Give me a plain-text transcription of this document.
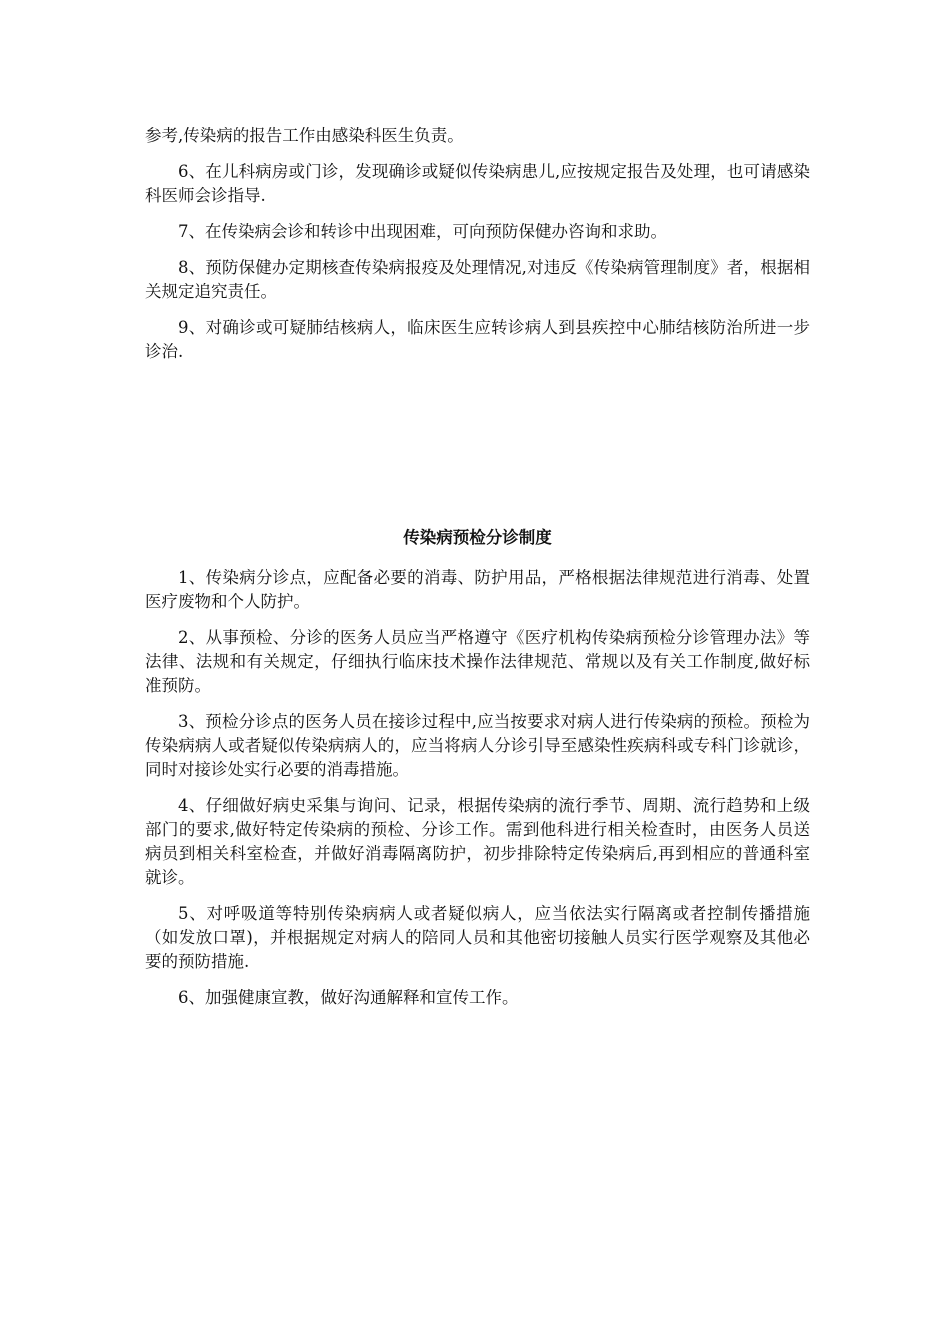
参考,传染病的报告工作由感染科医生负责。

6、在儿科病房或门诊，发现确诊或疑似传染病患儿,应按规定报告及处理，也可请感染科医师会诊指导.

7、在传染病会诊和转诊中出现困难，可向预防保健办咨询和求助。

8、预防保健办定期核查传染病报疫及处理情况,对违反《传染病管理制度》者，根据相关规定追究责任。

9、对确诊或可疑肺结核病人，临床医生应转诊病人到县疾控中心肺结核防治所进一步诊治.

传染病预检分诊制度

1、传染病分诊点，应配备必要的消毒、防护用品，严格根据法律规范进行消毒、处置医疗废物和个人防护。

2、从事预检、分诊的医务人员应当严格遵守《医疗机构传染病预检分诊管理办法》等法律、法规和有关规定，仔细执行临床技术操作法律规范、常规以及有关工作制度,做好标准预防。

3、预检分诊点的医务人员在接诊过程中,应当按要求对病人进行传染病的预检。预检为传染病病人或者疑似传染病病人的，应当将病人分诊引导至感染性疾病科或专科门诊就诊，同时对接诊处实行必要的消毒措施。

4、仔细做好病史采集与询问、记录，根据传染病的流行季节、周期、流行趋势和上级部门的要求,做好特定传染病的预检、分诊工作。需到他科进行相关检查时，由医务人员送病员到相关科室检查，并做好消毒隔离防护，初步排除特定传染病后,再到相应的普通科室就诊。

5、对呼吸道等特别传染病病人或者疑似病人，应当依法实行隔离或者控制传播措施（如发放口罩)，并根据规定对病人的陪同人员和其他密切接触人员实行医学观察及其他必要的预防措施.

6、加强健康宣教，做好沟通解释和宣传工作。
